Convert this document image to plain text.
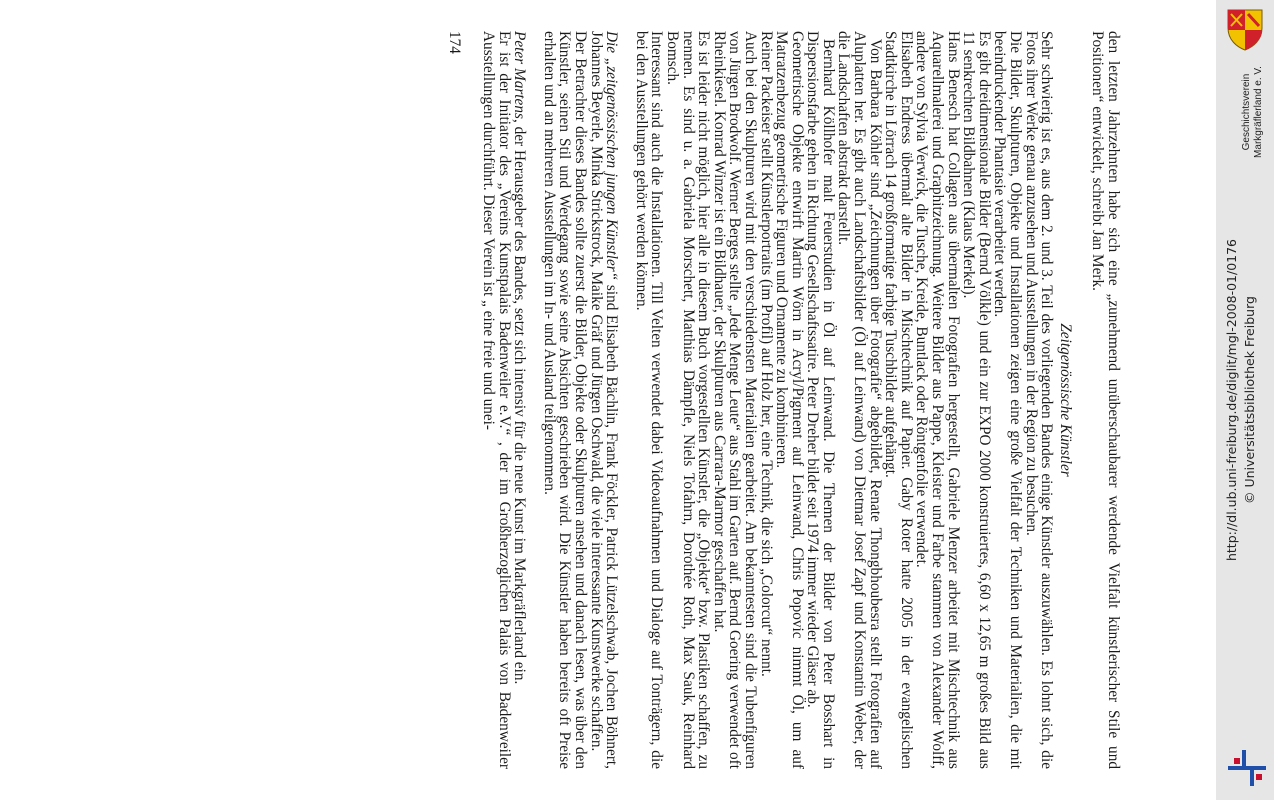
den letzten Jahrzehnten habe sich eine „zunehmend unüberschaubarer werdende Vielfalt künstlerischer Stile und Positionen“ entwickelt, schreibt Jan Merk.

Zeitgenössische Künstler

Sehr schwierig ist es, aus dem 2. und 3. Teil des vorliegenden Bandes einige Künstler auszuwählen. Es lohnt sich, die Fotos ihrer Werke genau anzusehen und Ausstellungen in der Region zu besuchen.

Die Bilder, Skulpturen, Objekte und Installationen zeigen eine große Vielfalt der Techniken und Materialien, die mit beeindruckender Phantasie verarbeitet werden.

Es gibt dreidimensionale Bilder (Bernd Völkle) und ein zur EXPO 2000 konstruiertes, 6,60 x 12,65 m großes Bild aus 11 senkrechten Bildbahnen (Klaus Merkel).

Hans Benesch hat Collagen aus übermalten Fotografien hergestellt, Gabriele Menzer arbeitet mit Mischtechnik aus Aquarellmalerei und Graphitzeichnung. Weitere Bilder aus Pappe, Kleister und Farbe stammen von Alexander Wolff, andere von Sylvia Verwick, die Tusche, Kreide, Buntlack oder Röntgenfolie verwendet.

Elisabeth Endress übermalt alte Bilder in Mischtechnik auf Papier. Gaby Roter hatte 2005 in der evangelischen Stadtkirche in Lörrach 14 großformatige farbige Tuschbilder aufgehängt.

Von Barbara Köhler sind „Zeichnungen über Fotografie“ abgebildet, Renate Thongbhoubesra stellt Fotografien auf Aluplatten her. Es gibt auch Landschaftsbilder (Öl auf Leinwand) von Dietmar Josef Zapf und Konstantin Weber, der die Landschaften abstrakt darstellt.

Bernhard Köllhofer malt Feuerstudien in Öl auf Leinwand. Die Themen der Bilder von Peter Bosshart in Dispersionsfarbe gehen in Richtung Gesellschaftssatire. Peter Dreher bildet seit 1974 immer wieder Gläser ab.

Geometrische Objekte entwirft Martin Wörn in Acryl/Pigment auf Leinwand, Chris Popovic nimmt Öl, um auf Matratzenbezug geometrische Figuren und Ornamente zu kombinieren.

Reiner Packeiser stellt Künstlerportraits (im Profil) auf Holz her, eine Technik, die sich „Colorcut“ nennt.

Auch bei den Skulpturen wird mit den verschiedensten Materialien gearbeitet. Am bekanntesten sind die Tubenfiguren von Jürgen Brodwolf. Werner Berges stellte „Jede Menge Leute“ aus Stahl im Garten auf. Bernd Goering verwendet oft Rheinkiesel. Konrad Winzer ist ein Bildhauer, der Skulpturen aus Carrara-Marmor geschaffen hat.

Es ist leider nicht möglich, hier alle in diesem Buch vorgestellten Künstler, die „Objekte“ bzw. Plastiken schaffen, zu nennen. Es sind u. a. Gabriela Morschett, Matthias Dämpfle, Niels Tofahrn, Dorothée Roth, Max Sauk, Reinhard Bomsch.

Interessant sind auch die Installationen. Till Velten verwendet dabei Videoaufnahmen und Dialoge auf Tonträgern, die bei den Ausstellungen gehört werden können.

Die „zeitgenössischen jungen Künstler“ sind Elisabeth Bächlin, Frank Föckler, Patrick Lützelschwab, Jochen Böhnert, Johannes Beyerle, Minka Strickstrock, Maike Gräf und Jürgen Oschwald, die viele interessante Kunstwerke schaffen.

Der Betrachter dieses Bandes sollte zuerst die Bilder, Objekte oder Skulpturen ansehen und danach lesen, was über den Künstler, seinen Stil und Werdegang sowie seine Absichten geschrieben wird. Die Künstler haben bereits oft Preise erhalten und an mehreren Ausstellungen im In- und Ausland teilgenommen.

Peter Martens, der Herausgeber des Bandes, setzt sich intensiv für die neue Kunst im Markgräflerland ein.

Er ist der Initiator des „Vereins Kunstpalais Badenweiler e.V.“ , der im Großherzoglichen Palais von Badenweiler Ausstellungen durchführt. Dieser Verein ist „ eine freie und unei-

174

Geschichtsverein Markgräflerland e. V.
http://dl.ub.uni-freiburg.de/diglit/mgl-2008-01/0176 © Universitätsbibliothek Freiburg
